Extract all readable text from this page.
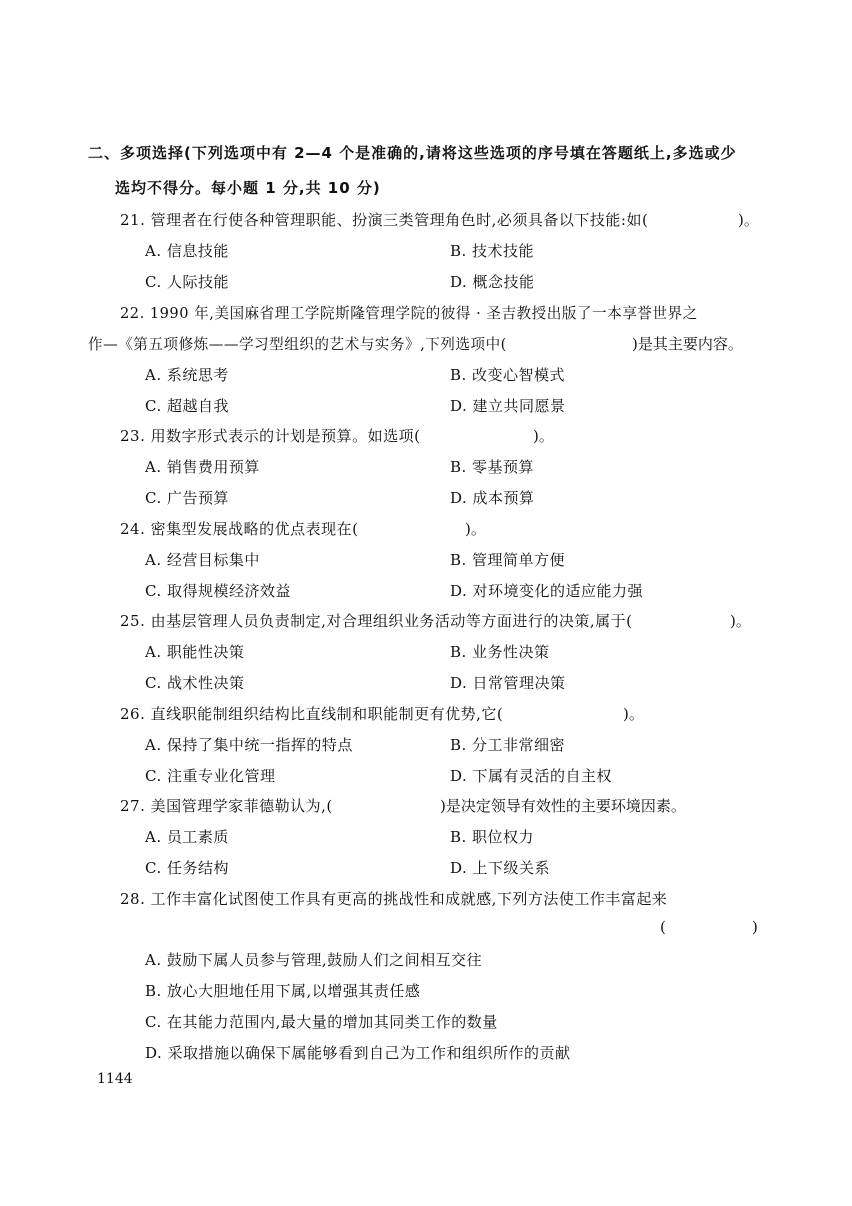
二、多项选择(下列选项中有 2—4 个是准确的,请将这些选项的序号填在答题纸上,多选或少
选均不得分。每小题 1 分,共 10 分)
21. 管理者在行使各种管理职能、扮演三类管理角色时,必须具备以下技能:如(	)。
A. 信息技能	B. 技术技能
C. 人际技能	D. 概念技能
22. 1990 年,美国麻省理工学院斯隆管理学院的彼得 · 圣吉教授出版了一本享誉世界之
作—《第五项修炼——学习型组织的艺术与实务》,下列选项中(	)是其主要内容。
A. 系统思考	B. 改变心智模式
C. 超越自我	D. 建立共同愿景
23. 用数字形式表示的计划是预算。如选项(	)。
A. 销售费用预算	B. 零基预算
C. 广告预算	D. 成本预算
24. 密集型发展战略的优点表现在(	)。
A. 经营目标集中	B. 管理简单方便
C. 取得规模经济效益	D. 对环境变化的适应能力强
25. 由基层管理人员负责制定,对合理组织业务活动等方面进行的决策,属于(	)。
A. 职能性决策	B. 业务性决策
C. 战术性决策	D. 日常管理决策
26. 直线职能制组织结构比直线制和职能制更有优势,它(	)。
A. 保持了集中统一指挥的特点	B. 分工非常细密
C. 注重专业化管理	D. 下属有灵活的自主权
27. 美国管理学家菲德勒认为,(	)是决定领导有效性的主要环境因素。
A. 员工素质	B. 职位权力
C. 任务结构	D. 上下级关系
28. 工作丰富化试图使工作具有更高的挑战性和成就感,下列方法使工作丰富起来
(	)
A. 鼓励下属人员参与管理,鼓励人们之间相互交往
B. 放心大胆地任用下属,以增强其责任感
C. 在其能力范围内,最大量的增加其同类工作的数量
D. 采取措施以确保下属能够看到自己为工作和组织所作的贡献
1144
